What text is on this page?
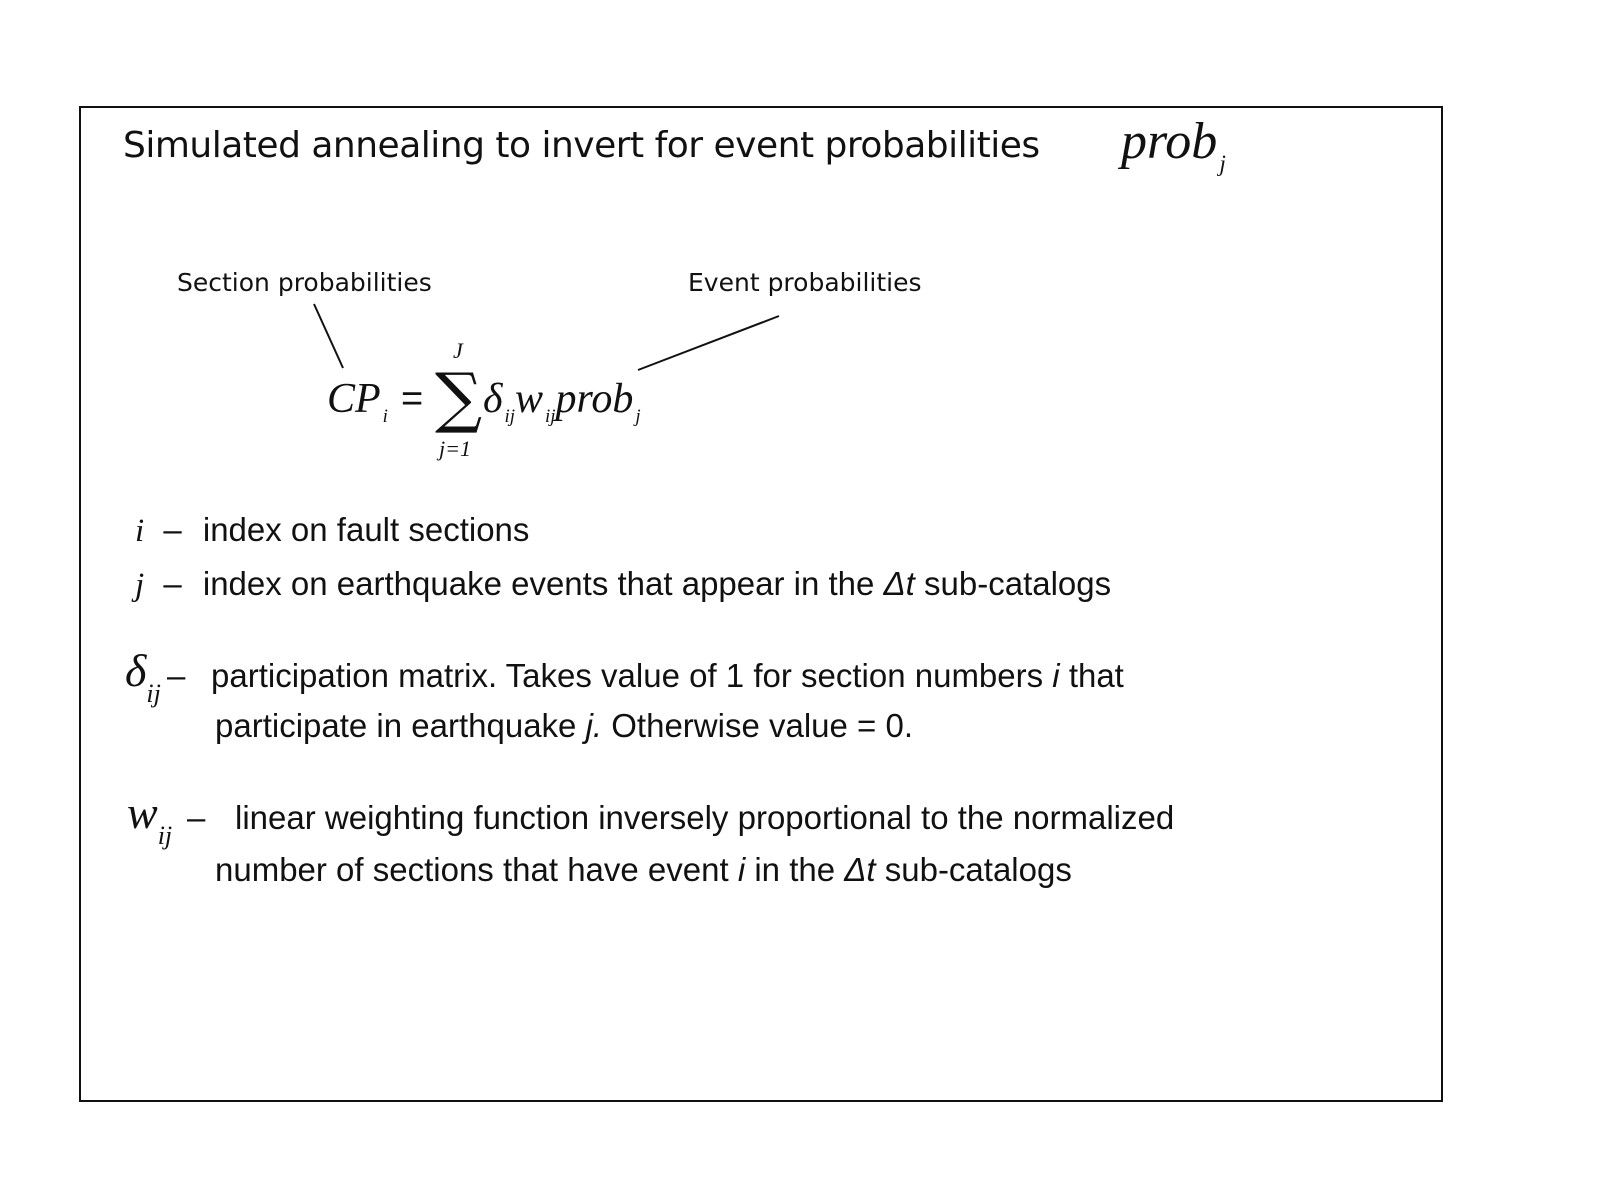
Simulated annealing to invert for event probabilities prob$_j$
Section probabilities	Event probabilities
CP $_i$ =
J
∑
j=1
δ $_{ij}$w $_{ij}$prob $_j$
i – index on fault sections
j – index on earthquake events that appear in the Δt sub-catalogs
δij – participation matrix. Takes value of 1 for section numbers i that
participate in earthquake j. Otherwise value = 0.
wij – linear weighting function inversely proportional to the normalized
number of sections that have event i in the Δt sub-catalogs
